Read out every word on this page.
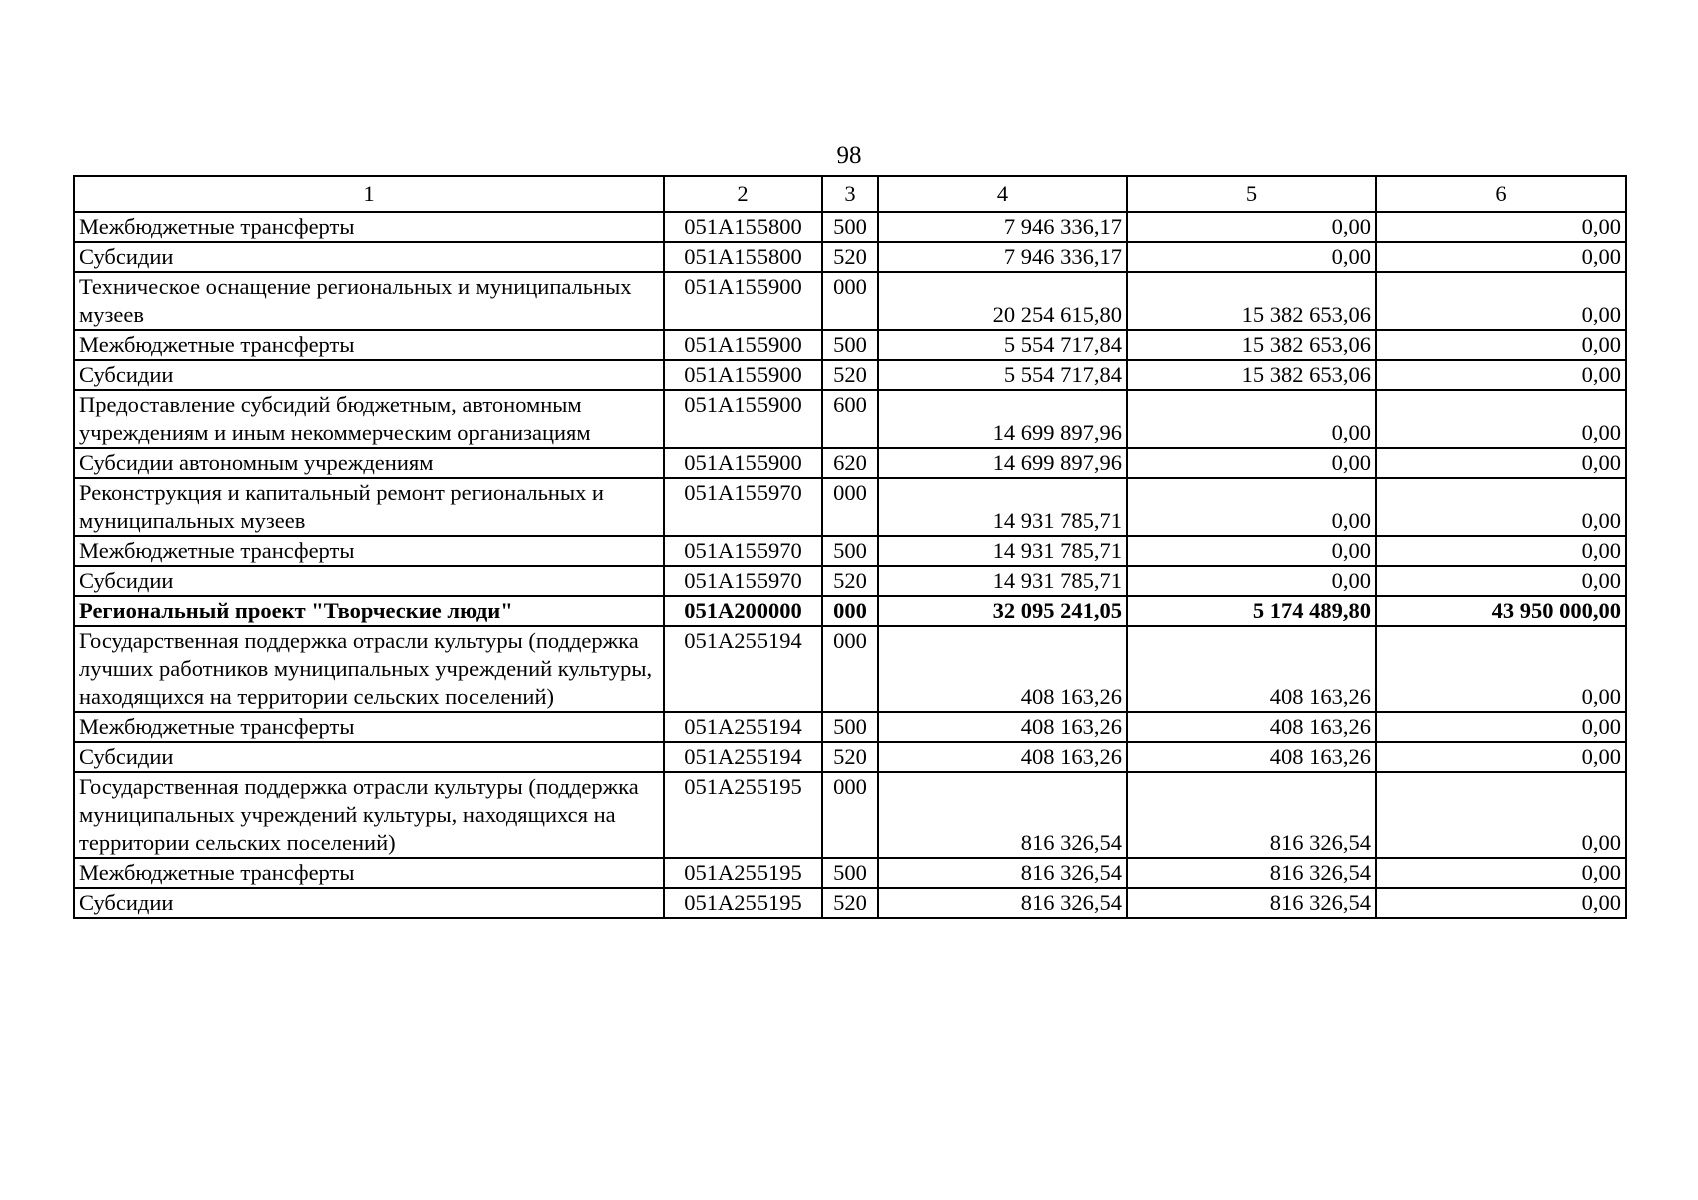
98
1	2	3	4	5	6
Межбюджетные трансферты	051A155800	500	7 946 336,17	0,00	0,00
Субсидии	051A155800	520	7 946 336,17	0,00	0,00
Техническое оснащение региональных и муниципальных музеев	051A155900	000	20 254 615,80	15 382 653,06	0,00
Межбюджетные трансферты	051A155900	500	5 554 717,84	15 382 653,06	0,00
Субсидии	051A155900	520	5 554 717,84	15 382 653,06	0,00
Предоставление субсидий бюджетным, автономным учреждениям и иным некоммерческим организациям	051A155900	600	14 699 897,96	0,00	0,00
Субсидии автономным учреждениям	051A155900	620	14 699 897,96	0,00	0,00
Реконструкция и капитальный ремонт региональных и муниципальных музеев	051A155970	000	14 931 785,71	0,00	0,00
Межбюджетные трансферты	051A155970	500	14 931 785,71	0,00	0,00
Субсидии	051A155970	520	14 931 785,71	0,00	0,00
Региональный проект "Творческие люди"	051A200000	000	32 095 241,05	5 174 489,80	43 950 000,00
Государственная поддержка отрасли культуры (поддержка лучших работников муниципальных учреждений культуры, находящихся на территории сельских поселений)	051A255194	000	408 163,26	408 163,26	0,00
Межбюджетные трансферты	051A255194	500	408 163,26	408 163,26	0,00
Субсидии	051A255194	520	408 163,26	408 163,26	0,00
Государственная поддержка отрасли культуры (поддержка муниципальных учреждений культуры, находящихся на территории сельских поселений)	051A255195	000	816 326,54	816 326,54	0,00
Межбюджетные трансферты	051A255195	500	816 326,54	816 326,54	0,00
Субсидии	051A255195	520	816 326,54	816 326,54	0,00
